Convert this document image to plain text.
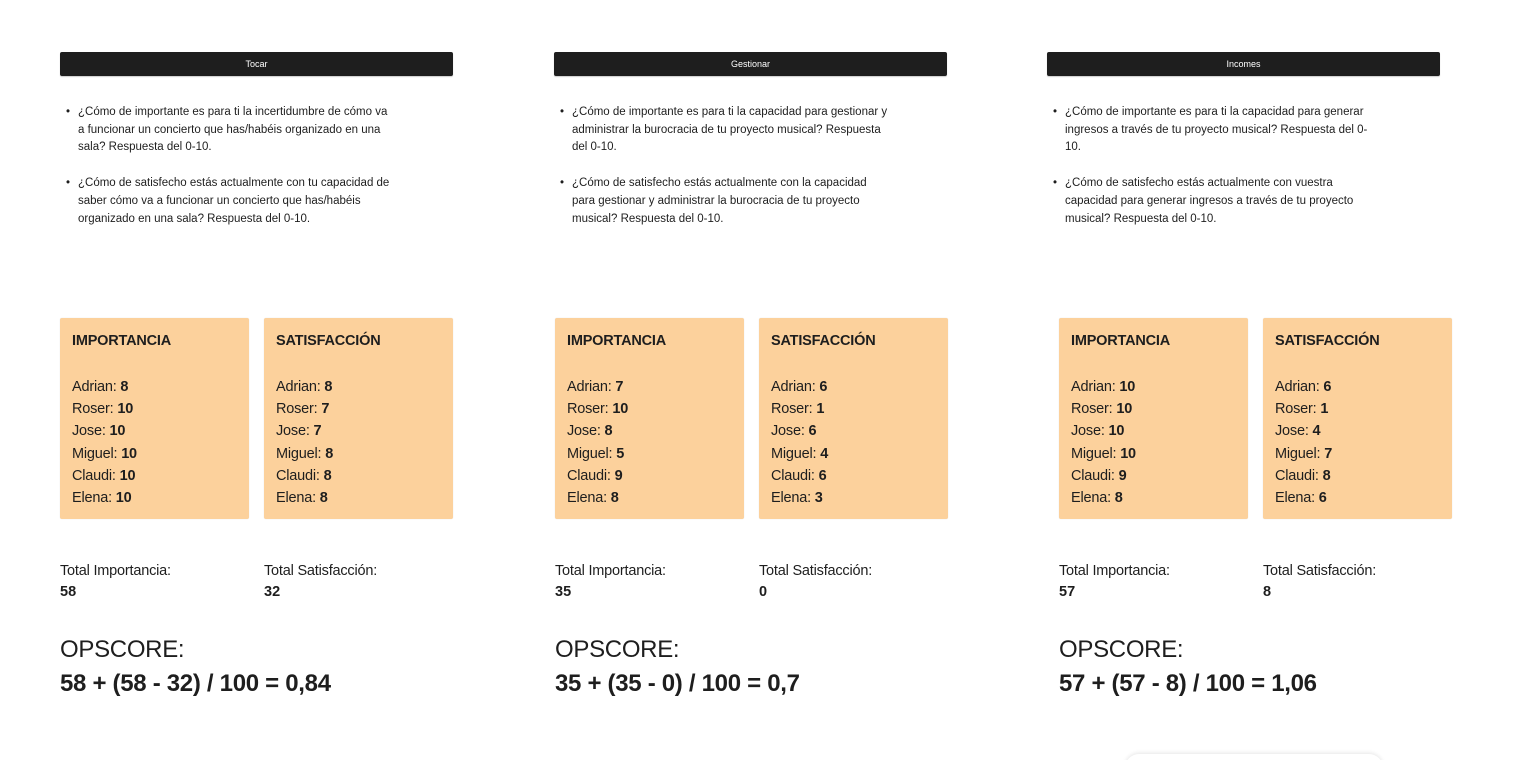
Tocar
• ¿Cómo de importante es para ti la incertidumbre de cómo va a funcionar un concierto que has/habéis organizado en una sala? Respuesta del 0-10.
• ¿Cómo de satisfecho estás actualmente con tu capacidad de saber cómo va a funcionar un concierto que has/habéis organizado en una sala? Respuesta del 0-10.
IMPORTANCIA
Adrian: 8
Roser: 10
Jose: 10
Miguel: 10
Claudi: 10
Elena: 10
SATISFACCIÓN
Adrian: 8
Roser: 7
Jose: 7
Miguel: 8
Claudi: 8
Elena: 8
Total Importancia:
58
Total Satisfacción:
32
OPSCORE:
58 + (58 - 32) / 100 = 0,84
Gestionar
• ¿Cómo de importante es para ti la capacidad para gestionar y administrar la burocracia de tu proyecto musical? Respuesta del 0-10.
• ¿Cómo de satisfecho estás actualmente con la capacidad para gestionar y administrar la burocracia de tu proyecto musical? Respuesta del 0-10.
IMPORTANCIA
Adrian: 7
Roser: 10
Jose: 8
Miguel: 5
Claudi: 9
Elena: 8
SATISFACCIÓN
Adrian: 6
Roser: 1
Jose: 6
Miguel: 4
Claudi: 6
Elena: 3
Total Importancia:
35
Total Satisfacción:
0
OPSCORE:
35 + (35 - 0) / 100 = 0,7
Incomes
• ¿Cómo de importante es para ti la capacidad para generar ingresos a través de tu proyecto musical? Respuesta del 0-10.
• ¿Cómo de satisfecho estás actualmente con vuestra capacidad para generar ingresos a través de tu proyecto musical? Respuesta del 0-10.
IMPORTANCIA
Adrian: 10
Roser: 10
Jose: 10
Miguel: 10
Claudi: 9
Elena: 8
SATISFACCIÓN
Adrian: 6
Roser: 1
Jose: 4
Miguel: 7
Claudi: 8
Elena: 6
Total Importancia:
57
Total Satisfacción:
8
OPSCORE:
57 + (57 - 8) / 100 = 1,06
